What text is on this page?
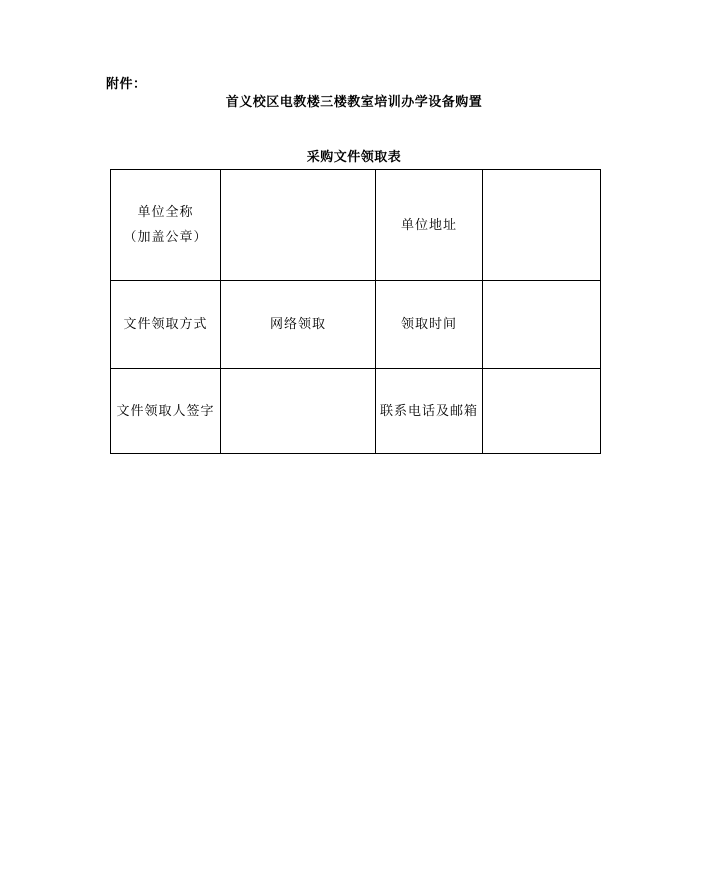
附件：
首义校区电教楼三楼教室培训办学设备购置
采购文件领取表
单位全称
（加盖公章）		单位地址	
文件领取方式	网络领取	领取时间	
文件领取人签字		联系电话及邮箱	
